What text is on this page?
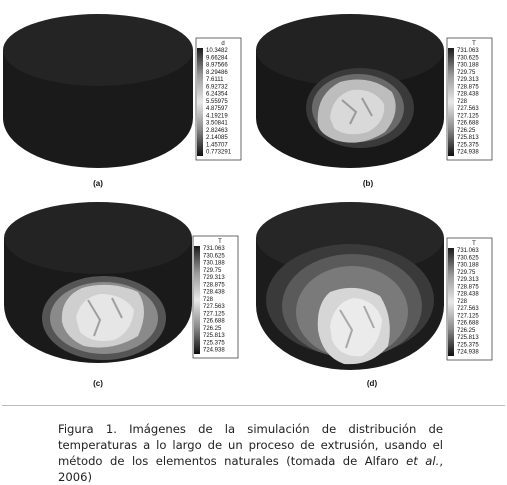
d
10.3482
9.66284
8.97566
8.29486
7.6111
6.92732
6.24354
5.55975
4.87597
4.19219
3.50841
2.82463
2.14085
1.45707
0.773291
T
731.063
730.625
730.188
729.75
729.313
728.875
728.438
728
727.563
727.125
726.688
726.25
725.813
725.375
724.938
T
731.063
730.625
730.188
729.75
729.313
728.875
728.438
728
727.563
727.125
726.688
726.25
725.813
725.375
724.938
T
731.063
730.625
730.188
729.75
729.313
728.875
728.438
728
727.563
727.125
726.688
726.25
725.813
725.375
724.938
(a)	(b)
(c)	(d)
Figura 1. Imágenes de la simulación de distribución de temperaturas a lo largo de un proceso de extrusión, usando el método de los elementos naturales (tomada de Alfaro et al., 2006)
